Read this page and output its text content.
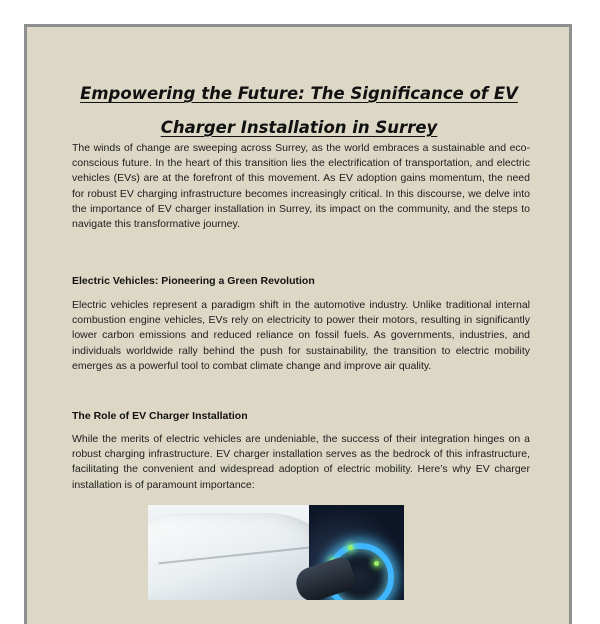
Empowering the Future: The Significance of EV Charger Installation in Surrey

The winds of change are sweeping across Surrey, as the world embraces a sustainable and eco-conscious future. In the heart of this transition lies the electrification of transportation, and electric vehicles (EVs) are at the forefront of this movement. As EV adoption gains momentum, the need for robust EV charging infrastructure becomes increasingly critical. In this discourse, we delve into the importance of EV charger installation in Surrey, its impact on the community, and the steps to navigate this transformative journey.

Electric Vehicles: Pioneering a Green Revolution

Electric vehicles represent a paradigm shift in the automotive industry. Unlike traditional internal combustion engine vehicles, EVs rely on electricity to power their motors, resulting in significantly lower carbon emissions and reduced reliance on fossil fuels. As governments, industries, and individuals worldwide rally behind the push for sustainability, the transition to electric mobility emerges as a powerful tool to combat climate change and improve air quality.

The Role of EV Charger Installation

While the merits of electric vehicles are undeniable, the success of their integration hinges on a robust charging infrastructure. EV charger installation serves as the bedrock of this infrastructure, facilitating the convenient and widespread adoption of electric mobility. Here’s why EV charger installation is of paramount importance:
